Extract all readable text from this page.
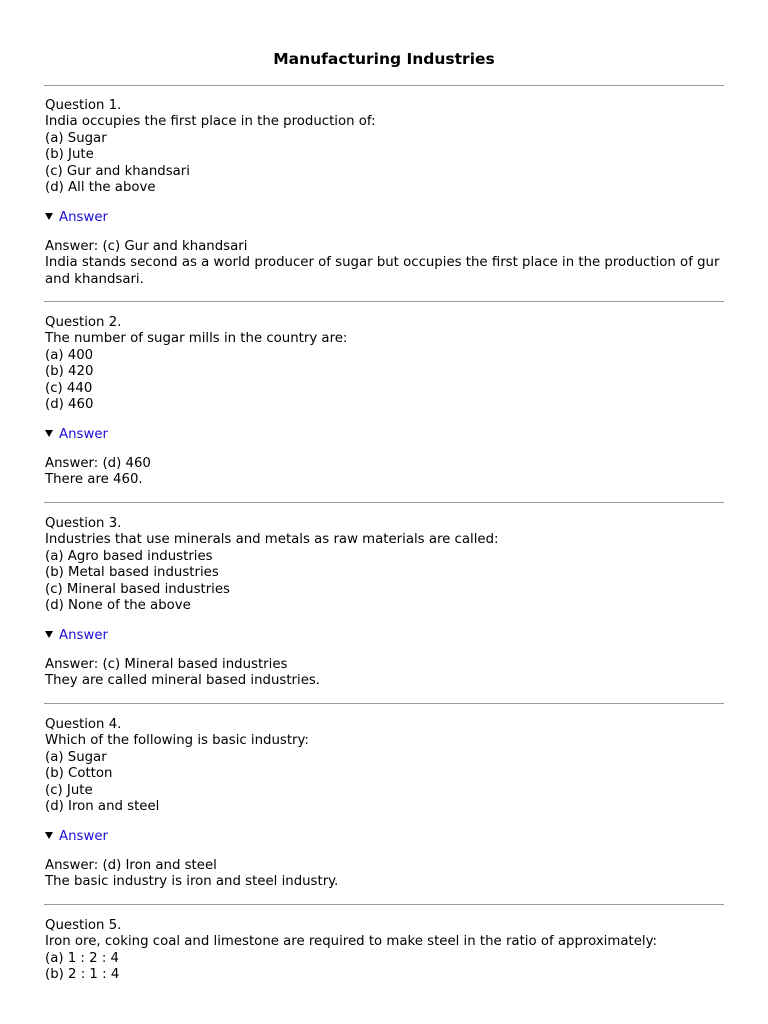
Manufacturing Industries
Question 1.
India occupies the first place in the production of:
(a) Sugar
(b) Jute
(c) Gur and khandsari
(d) All the above
Answer
Answer: (c) Gur and khandsari
India stands second as a world producer of sugar but occupies the first place in the production of gur and khandsari.
Question 2.
The number of sugar mills in the country are:
(a) 400
(b) 420
(c) 440
(d) 460
Answer
Answer: (d) 460
There are 460.
Question 3.
Industries that use minerals and metals as raw materials are called:
(a) Agro based industries
(b) Metal based industries
(c) Mineral based industries
(d) None of the above
Answer
Answer: (c) Mineral based industries
They are called mineral based industries.
Question 4.
Which of the following is basic industry:
(a) Sugar
(b) Cotton
(c) Jute
(d) Iron and steel
Answer
Answer: (d) Iron and steel
The basic industry is iron and steel industry.
Question 5.
Iron ore, coking coal and limestone are required to make steel in the ratio of approximately:
(a) 1 : 2 : 4
(b) 2 : 1 : 4
